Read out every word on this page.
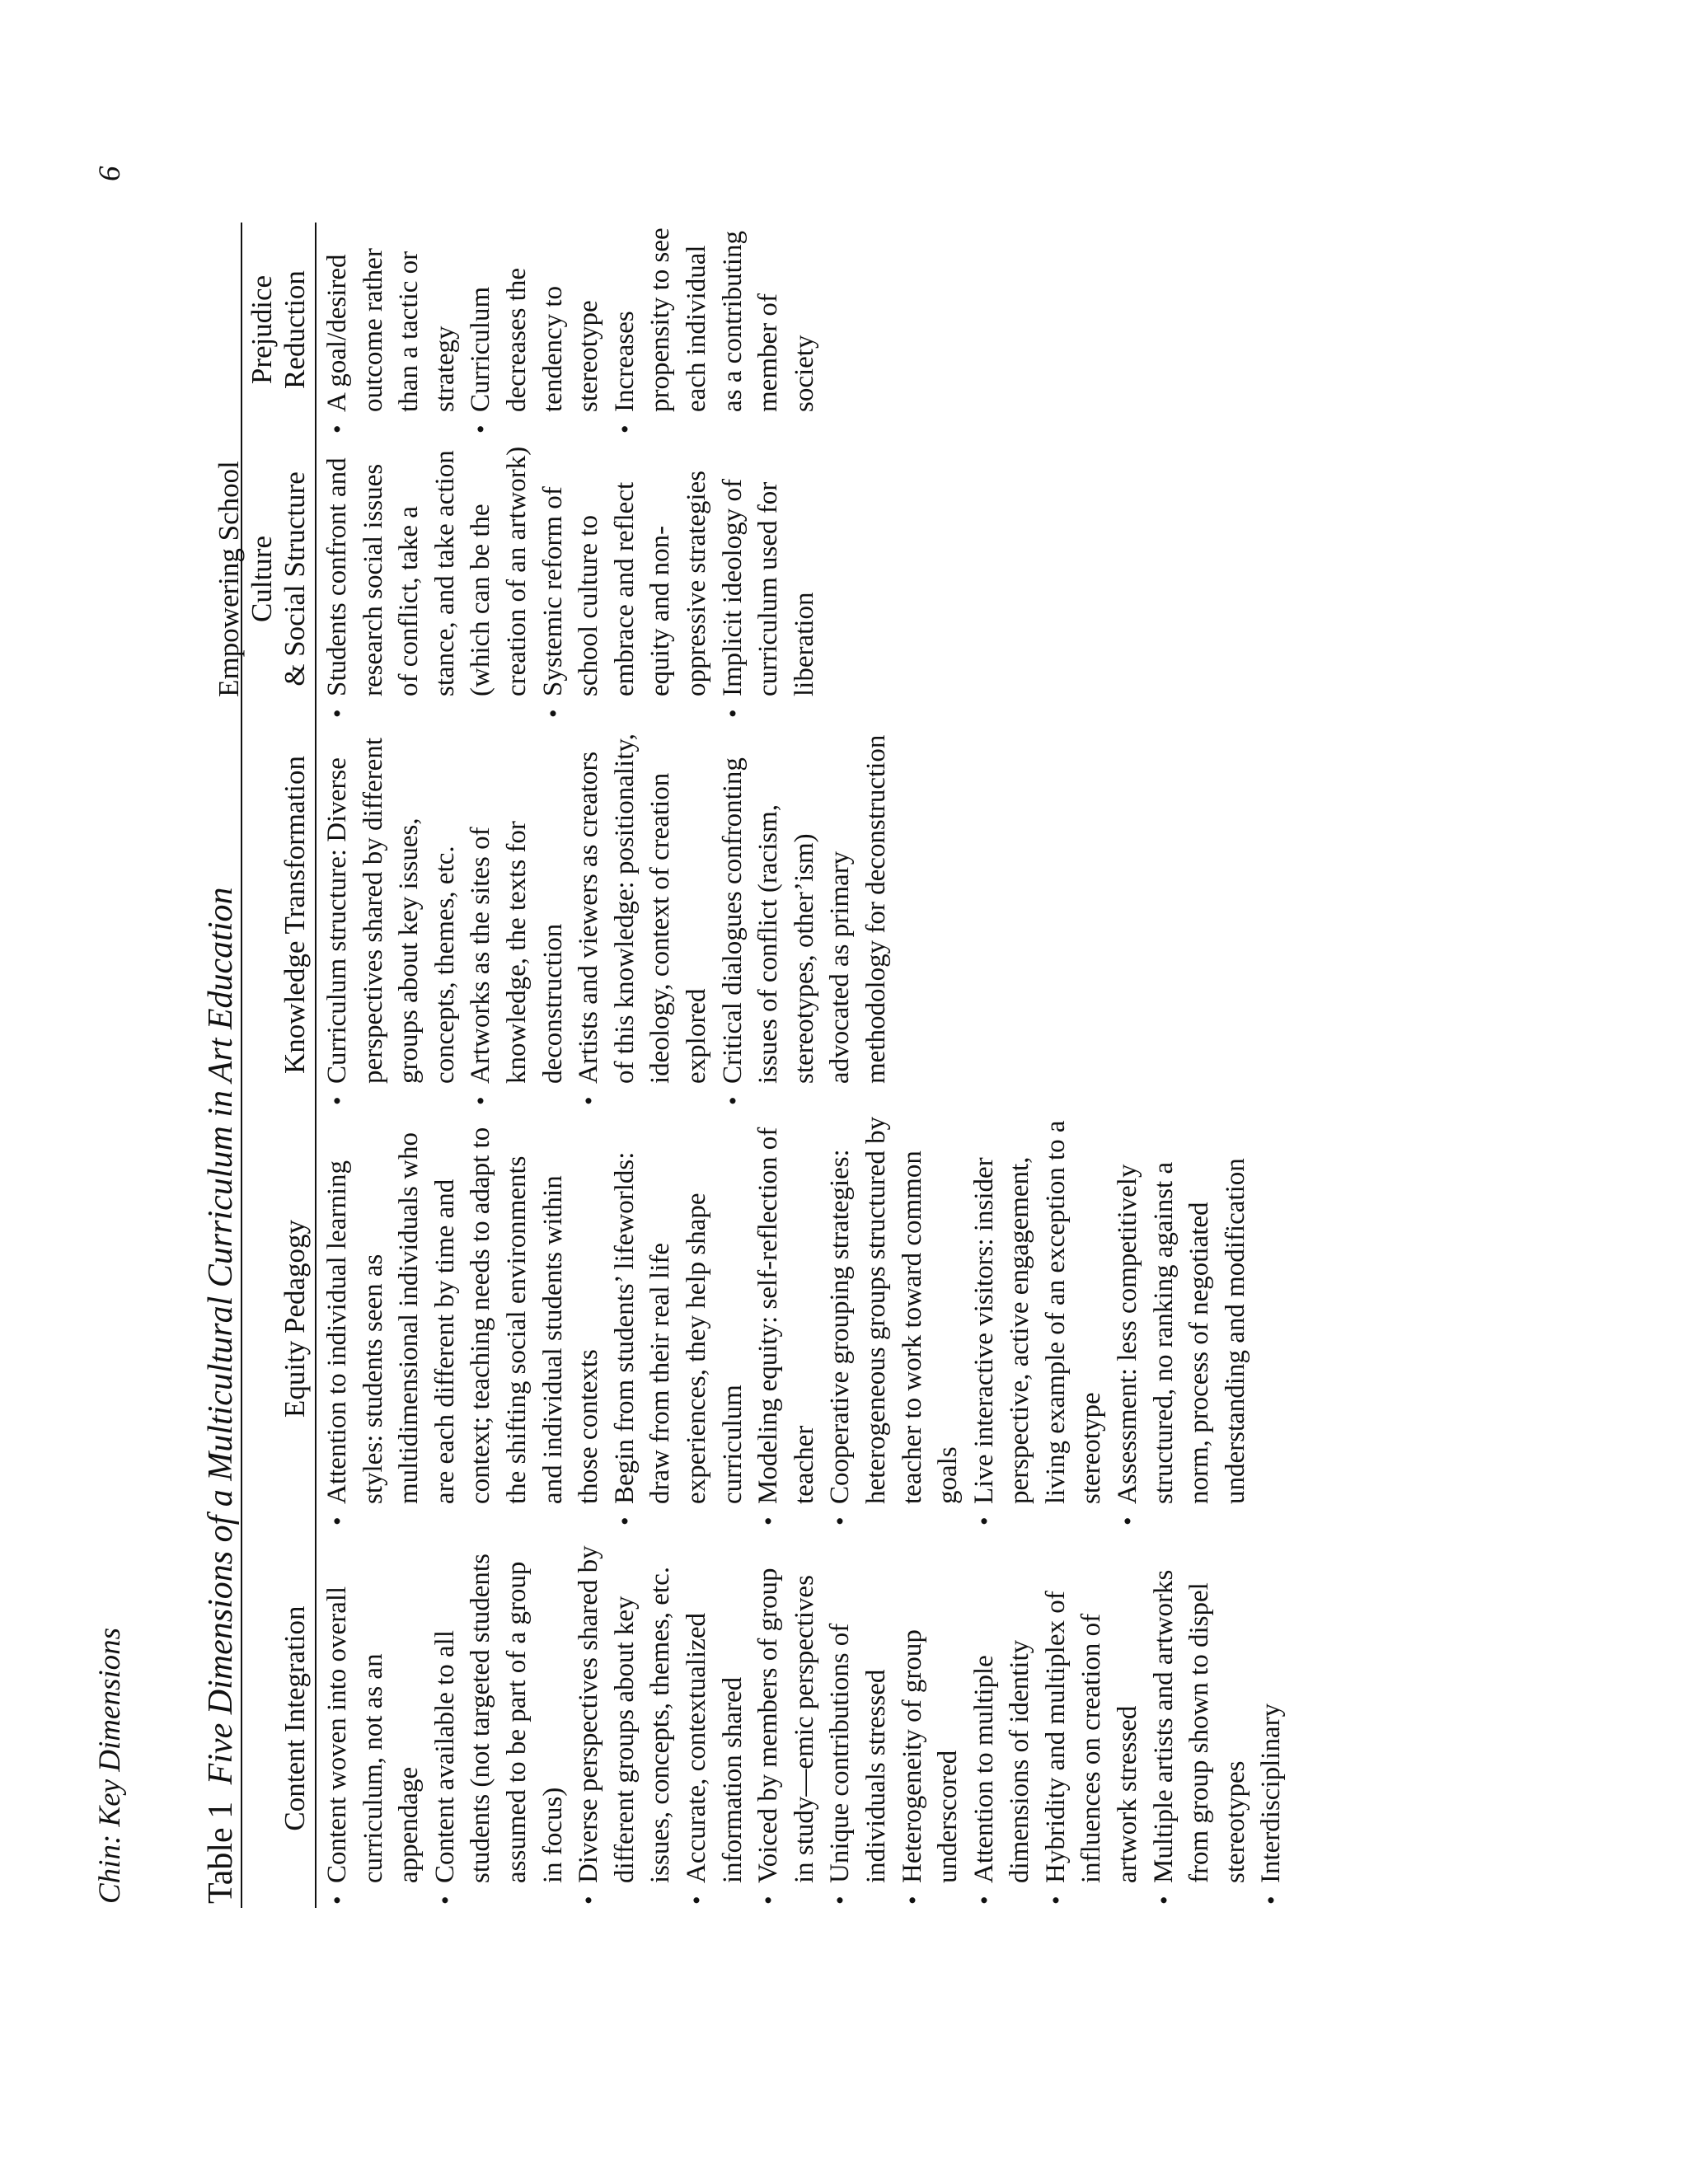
Chin: Key Dimensions
6
Table 1 Five Dimensions of a Multicultural Curriculum in Art Education Content Integration
Equity Pedagogy
Knowledge Transformation
Empowering School Culture & Social Structure
Prejudice Reduction
• Content woven into overall curriculum, not as an appendage • Content available to all students (not targeted students assumed to be part of a group in focus) • Diverse perspectives shared by different groups about key issues, concepts, themes, etc. • Accurate, contextualized information shared • Voiced by members of group in study—emic perspectives • Unique contributions of individuals stressed • Heterogeneity of group underscored • Attention to multiple dimensions of identity • Hybridity and multiplex of influences on creation of artwork stressed • Multiple artists and artworks from group shown to dispel stereotypes • Interdisciplinary
• Attention to individual learning styles: students seen as multidimensional individuals who are each different by time and context; teaching needs to adapt to the shifting social environments and individual students within those contexts • Begin from students’ lifeworlds: draw from their real life experiences, they help shape curriculum • Modeling equity: self-reflection of teacher • Cooperative grouping strategies: heterogeneous groups structured by teacher to work toward common goals • Live interactive visitors: insider perspective, active engagement, living example of an exception to a stereotype • Assessment: less competitively structured, no ranking against a norm, process of negotiated understanding and modification
• Curriculum structure: Diverse perspectives shared by different groups about key issues, concepts, themes, etc. • Artworks as the sites of knowledge, the texts for deconstruction • Artists and viewers as creators of this knowledge: positionality, ideology, context of creation explored • Critical dialogues confronting issues of conflict (racism, stereotypes, other’ism) advocated as primary methodology for deconstruction
• Students confront and research social issues of conflict, take a stance, and take action (which can be the creation of an artwork) • Systemic reform of school culture to embrace and reflect equity and non-oppressive strategies • Implicit ideology of curriculum used for liberation
• A goal/desired outcome rather than a tactic or strategy • Curriculum decreases the tendency to stereotype • Increases propensity to see each individual as a contributing member of society
